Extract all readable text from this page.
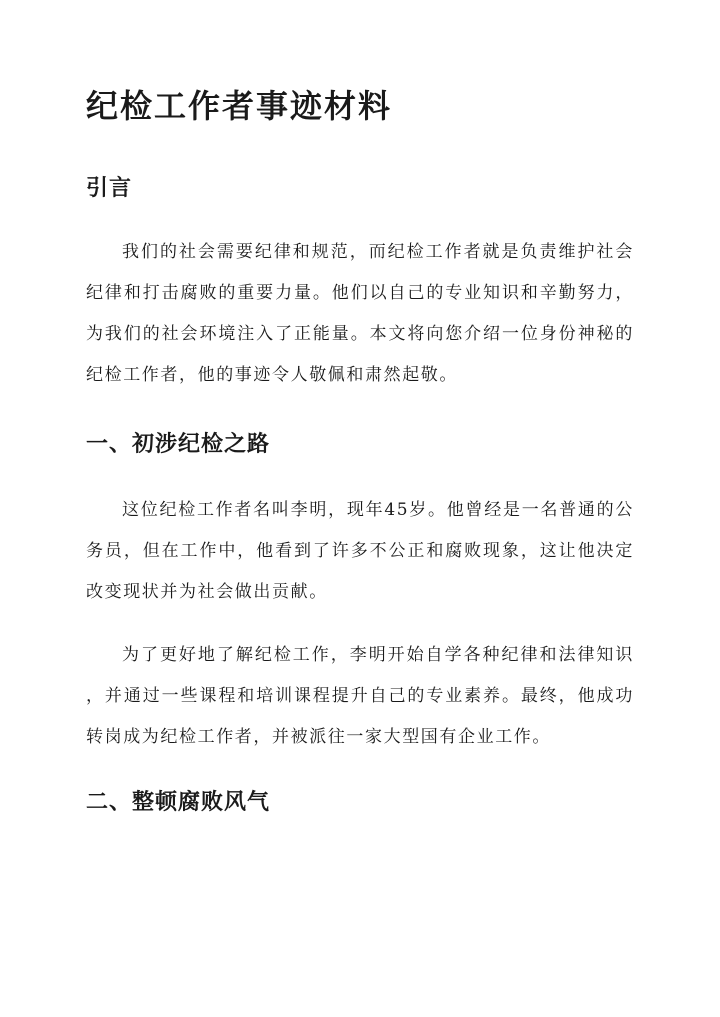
纪检工作者事迹材料
引言
我们的社会需要纪律和规范，而纪检工作者就是负责维护社会
纪律和打击腐败的重要力量。他们以自己的专业知识和辛勤努力，
为我们的社会环境注入了正能量。本文将向您介绍一位身份神秘的
纪检工作者，他的事迹令人敬佩和肃然起敬。
一、初涉纪检之路
这位纪检工作者名叫李明，现年45岁。他曾经是一名普通的公
务员，但在工作中，他看到了许多不公正和腐败现象，这让他决定
改变现状并为社会做出贡献。
为了更好地了解纪检工作，李明开始自学各种纪律和法律知识
，并通过一些课程和培训课程提升自己的专业素养。最终，他成功
转岗成为纪检工作者，并被派往一家大型国有企业工作。
二、整顿腐败风气
